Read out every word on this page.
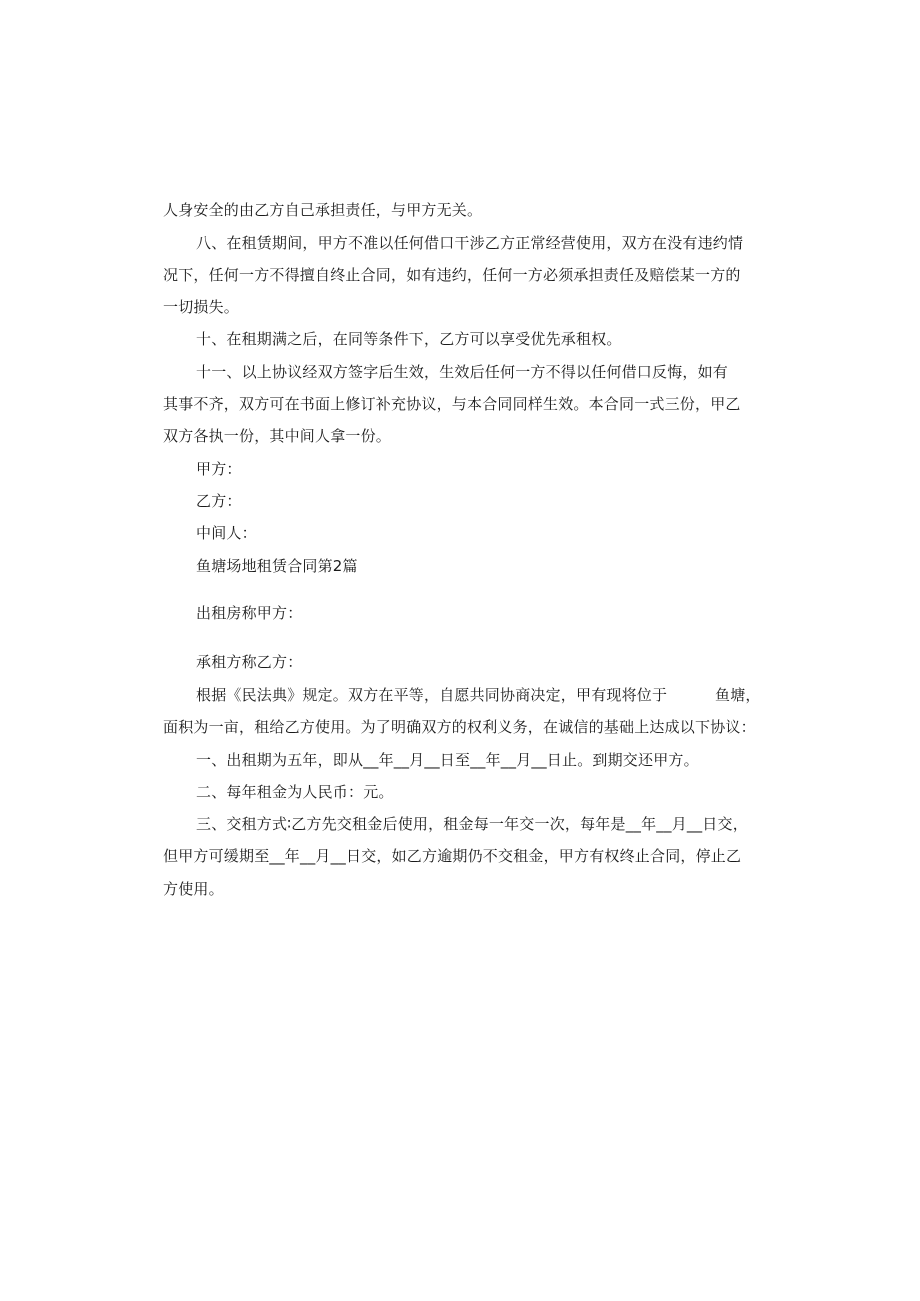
人身安全的由乙方自己承担责任，与甲方无关。
八、在租赁期间，甲方不准以任何借口干涉乙方正常经营使用，双方在没有违约情
况下，任何一方不得擅自终止合同，如有违约，任何一方必须承担责任及赔偿某一方的
一切损失。
十、在租期满之后，在同等条件下，乙方可以享受优先承租权。
十一、以上协议经双方签字后生效，生效后任何一方不得以任何借口反悔，如有
其事不齐，双方可在书面上修订补充协议，与本合同同样生效。本合同一式三份，甲乙
双方各执一份，其中间人拿一份。
甲方：
乙方：
中间人：
鱼塘场地租赁合同第2篇
出租房称甲方：
承租方称乙方：
根据《民法典》规定。双方在平等，自愿共同协商决定，甲有现将位于	鱼塘，
面积为一亩，租给乙方使用。为了明确双方的权利义务，在诚信的基础上达成以下协议：
一、出租期为五年，即从__年__月__日至__年__月__日止。到期交还甲方。
二、每年租金为人民币：元。
三、交租方式∶乙方先交租金后使用，租金每一年交一次，每年是__年__月__日交，
但甲方可缓期至__年__月__日交，如乙方逾期仍不交租金，甲方有权终止合同，停止乙
方使用。
